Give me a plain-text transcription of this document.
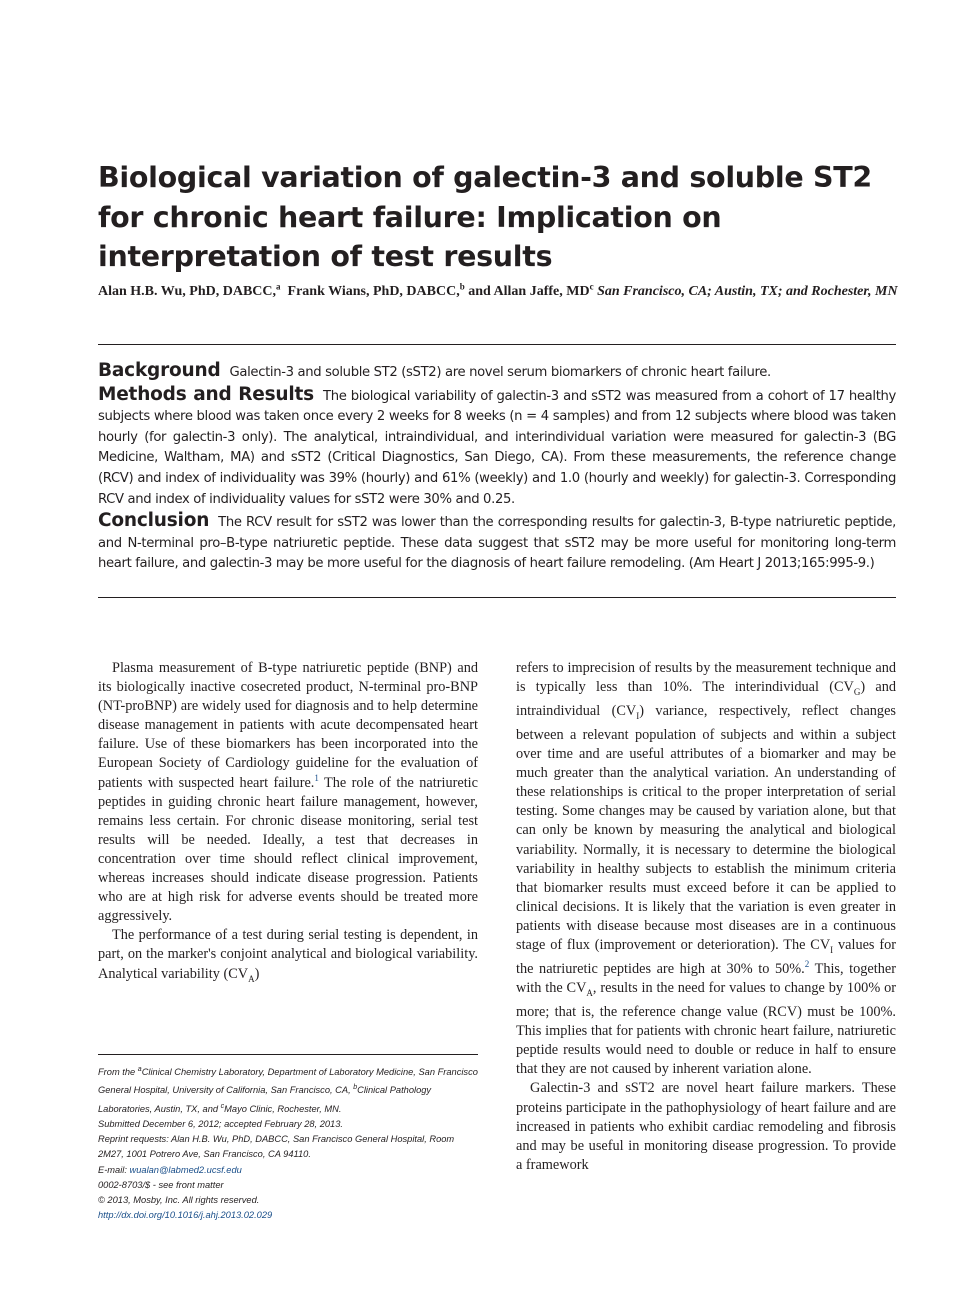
Biological variation of galectin-3 and soluble ST2 for chronic heart failure: Implication on interpretation of test results

Alan H.B. Wu, PhD, DABCC,$^a$ Frank Wians, PhD, DABCC,$^b$ and Allan Jaffe, $MD^c$ San Francisco, CA; Austin, TX; and Rochester, MN

Background Galectin-3 and soluble ST2 (sST2) are novel serum biomarkers of chronic heart failure.

Methods and Results The biological variability of galectin-3 and sST2 was measured from a cohort of 17 healthy subjects where blood was taken once every 2 weeks for 8 weeks (n = 4 samples) and from 12 subjects where blood was taken hourly (for galectin-3 only). The analytical, intraindividual, and interindividual variation were measured for galectin-3 (BG Medicine, Waltham, MA) and sST2 (Critical Diagnostics, San Diego, CA). From these measurements, the reference change (RCV) and index of individuality was 39% (hourly) and 61% (weekly) and 1.0 (hourly and weekly) for galectin-3. Corresponding RCV and index of individuality values for sST2 were 30% and 0.25.

Conclusion The RCV result for sST2 was lower than the corresponding results for galectin-3, B-type natriuretic peptide, and N-terminal pro–B-type natriuretic peptide. These data suggest that sST2 may be more useful for monitoring long-term heart failure, and galectin-3 may be more useful for the diagnosis of heart failure remodeling. (Am Heart J 2013;165:995-9.)

Plasma measurement of B-type natriuretic peptide (BNP) and its biologically inactive cosecreted product, N-terminal pro-BNP (NT-proBNP) are widely used for diagnosis and to help determine disease management in patients with acute decompensated heart failure. Use of these biomarkers has been incorporated into the European Society of Cardiology guideline for the evaluation of patients with suspected heart failure.$^1$ The role of the natriuretic peptides in guiding chronic heart failure management, however, remains less certain. For chronic disease monitoring, serial test results will be needed. Ideally, a test that decreases in concentration over time should reflect clinical improvement, whereas increases should indicate disease progression. Patients who are at high risk for adverse events should be treated more aggressively.

The performance of a test during serial testing is dependent, in part, on the marker's conjoint analytical and biological variability. Analytical variability $(CV_A)$

From the $^a$Clinical Chemistry Laboratory, Department of Laboratory Medicine, San Francisco General Hospital, University of California, San Francisco, CA, $^b$Clinical Pathology Laboratories, Austin, TX, and $^c$Mayo Clinic, Rochester, MN.

Submitted December 6, 2012; accepted February 28, 2013.

Reprint requests: Alan H.B. Wu, PhD, DABCC, San Francisco General Hospital, Room 2M27, 1001 Potrero Ave, San Francisco, CA 94110.

E-mail: wualan@labmed2.ucsf.edu

0002-8703/$ - see front matter

© 2013, Mosby, Inc. All rights reserved.

http://dx.doi.org/10.1016/j.ahj.2013.02.029

refers to imprecision of results by the measurement technique and is typically less than 10%. The interindividual $(CV_G)$ and intraindividual $(CV_I)$ variance, respectively, reflect changes between a relevant population of subjects and within a subject over time and are useful attributes of a biomarker and may be much greater than the analytical variation. An understanding of these relationships is critical to the proper interpretation of serial testing. Some changes may be caused by variation alone, but that can only be known by measuring the analytical and biological variability. Normally, it is necessary to determine the biological variability in healthy subjects to establish the minimum criteria that biomarker results must exceed before it can be applied to clinical decisions. It is likely that the variation is even greater in patients with disease because most diseases are in a continuous stage of flux (improvement or deterioration). The $CV_I$ values for the natriuretic peptides are high at 30% to 50%.$^2$ This, together with the $CV_A$, results in the need for values to change by 100% or more; that is, the reference change value (RCV) must be 100%. This implies that for patients with chronic heart failure, natriuretic peptide results would need to double or reduce in half to ensure that they are not caused by inherent variation alone.

Galectin-3 and sST2 are novel heart failure markers. These proteins participate in the pathophysiology of heart failure and are increased in patients who exhibit cardiac remodeling and fibrosis and may be useful in monitoring disease progression. To provide a framework
